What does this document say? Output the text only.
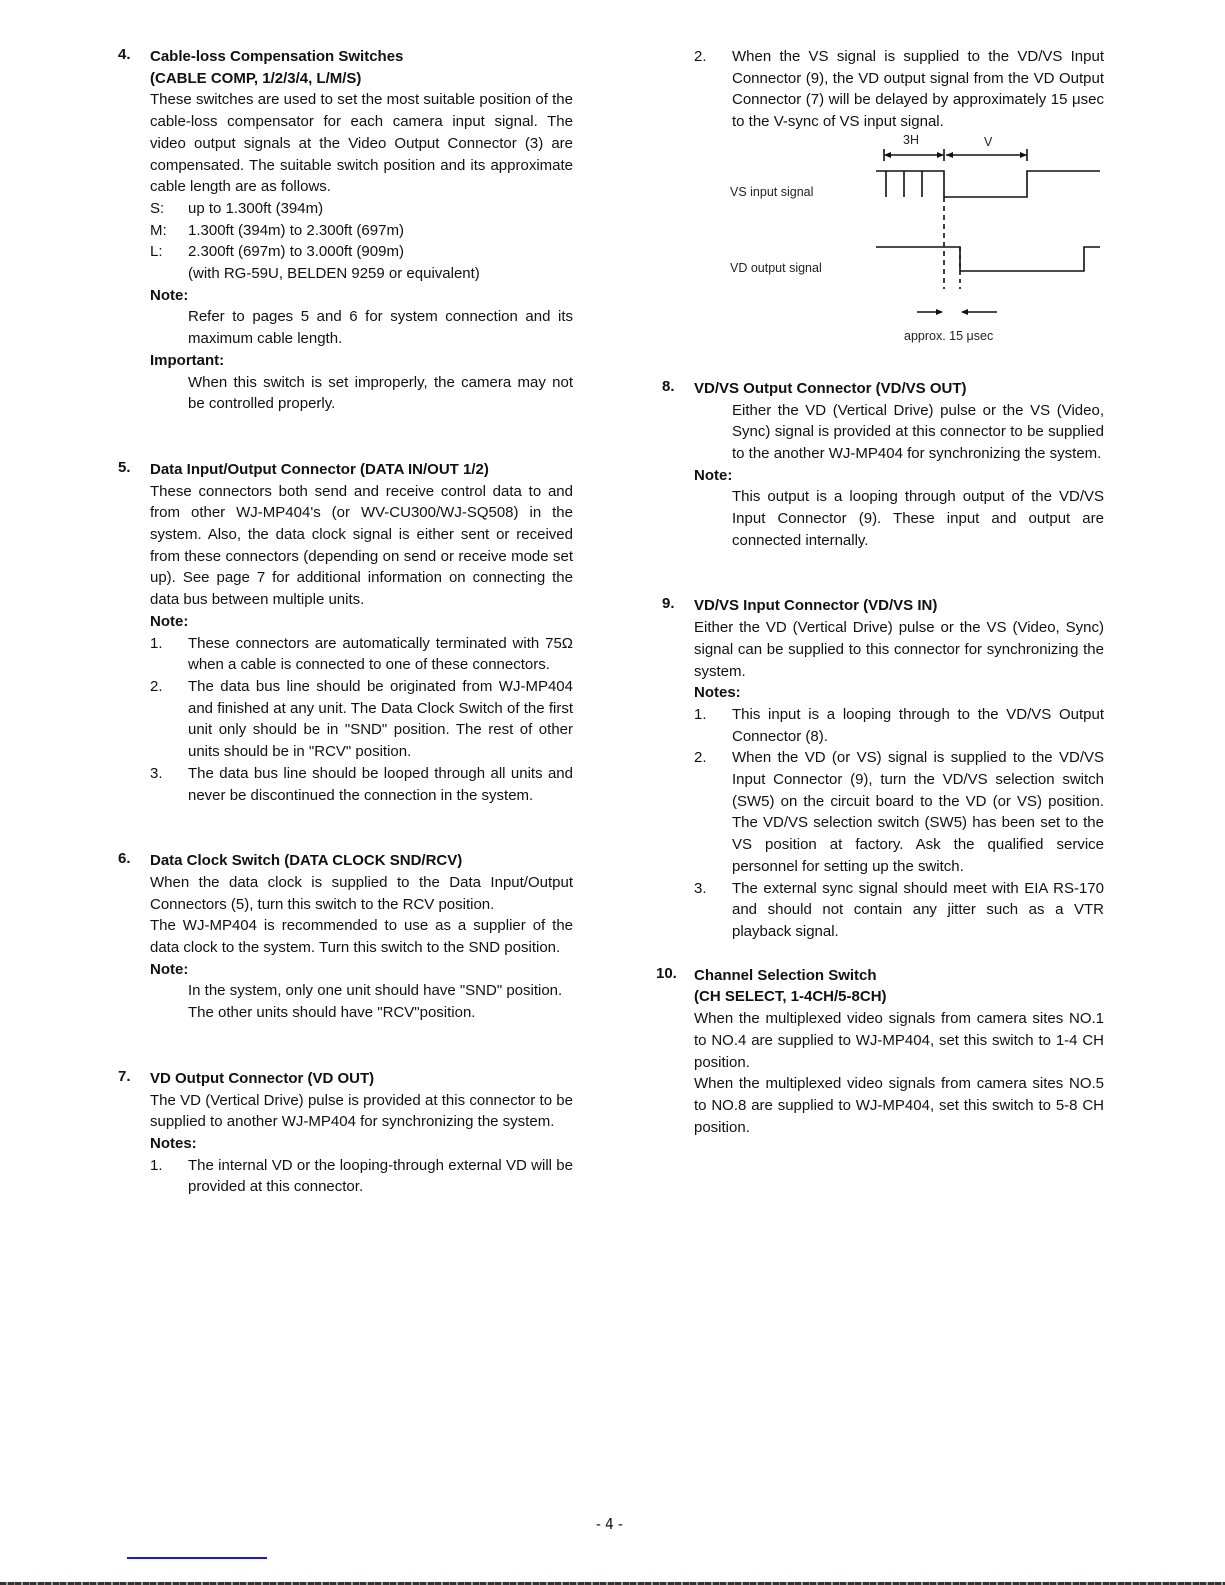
4. Cable-loss Compensation Switches
(CABLE COMP, 1/2/3/4, L/M/S)

These switches are used to set the most suitable position of the cable-loss compensator for each camera input signal. The video output signals at the Video Output Connector (3) are compensated. The suitable switch position and its approximate cable length are as follows.

S:	up to 1.300ft (394m)
M:	1.300ft (394m) to 2.300ft (697m)
L:	2.300ft (697m) to 3.000ft (909m)
(with RG-59U, BELDEN 9259 or equivalent)
Note:

Refer to pages 5 and 6 for system connection and its maximum cable length.

Important:

When this switch is set improperly, the camera may not be controlled properly.

5. Data Input/Output Connector (DATA IN/OUT 1/2)

These connectors both send and receive control data to and from other WJ-MP404's (or WV-CU300/WJ-SQ508) in the system. Also, the data clock signal is either sent or received from these connectors (depending on send or receive mode set up). See page 7 for additional information on connecting the data bus between multiple units.

Note:
1. These connectors are automatically terminated with 75Ω when a cable is connected to one of these connectors.
2. The data bus line should be originated from WJ-MP404 and finished at any unit. The Data Clock Switch of the first unit only should be in "SND" position. The rest of other units should be in "RCV" position.
3. The data bus line should be looped through all units and never be discontinued the connection in the system.
6. Data Clock Switch (DATA CLOCK SND/RCV)

When the data clock is supplied to the Data Input/Output Connectors (5), turn this switch to the RCV position.

The WJ-MP404 is recommended to use as a supplier of the data clock to the system. Turn this switch to the SND position.

Note:

In the system, only one unit should have "SND" position.

The other units should have "RCV"position.

7. VD Output Connector (VD OUT)

The VD (Vertical Drive) pulse is provided at this connector to be supplied to another WJ-MP404 for synchronizing the system.

Notes:
1. The internal VD or the looping-through external VD will be provided at this connector.
2. When the VS signal is supplied to the VD/VS Input Connector (9), the VD output signal from the VD Output Connector (7) will be delayed by approximately 15 μsec to the V-sync of VS input signal.
3H	V
VS input signal
VD output signal
approx. 15 μsec
8. VD/VS Output Connector (VD/VS OUT)

Either the VD (Vertical Drive) pulse or the VS (Video, Sync) signal is provided at this connector to be supplied to the another WJ-MP404 for synchronizing the system.

Note:

This output is a looping through output of the VD/VS Input Connector (9). These input and output are connected internally.

9. VD/VS Input Connector (VD/VS IN)

Either the VD (Vertical Drive) pulse or the VS (Video, Sync) signal can be supplied to this connector for synchronizing the system.

Notes:
1. This input is a looping through to the VD/VS Output Connector (8).
2. When the VD (or VS) signal is supplied to the VD/VS Input Connector (9), turn the VD/VS selection switch (SW5) on the circuit board to the VD (or VS) position. The VD/VS selection switch (SW5) has been set to the VS position at factory. Ask the qualified service personnel for setting up the switch.
3. The external sync signal should meet with EIA RS-170 and should not contain any jitter such as a VTR playback signal.
10. Channel Selection Switch
(CH SELECT, 1-4CH/5-8CH)

When the multiplexed video signals from camera sites NO.1 to NO.4 are supplied to WJ-MP404, set this switch to 1-4 CH position.

When the multiplexed video signals from camera sites NO.5 to NO.8 are supplied to WJ-MP404, set this switch to 5-8 CH position.

- 4 -
